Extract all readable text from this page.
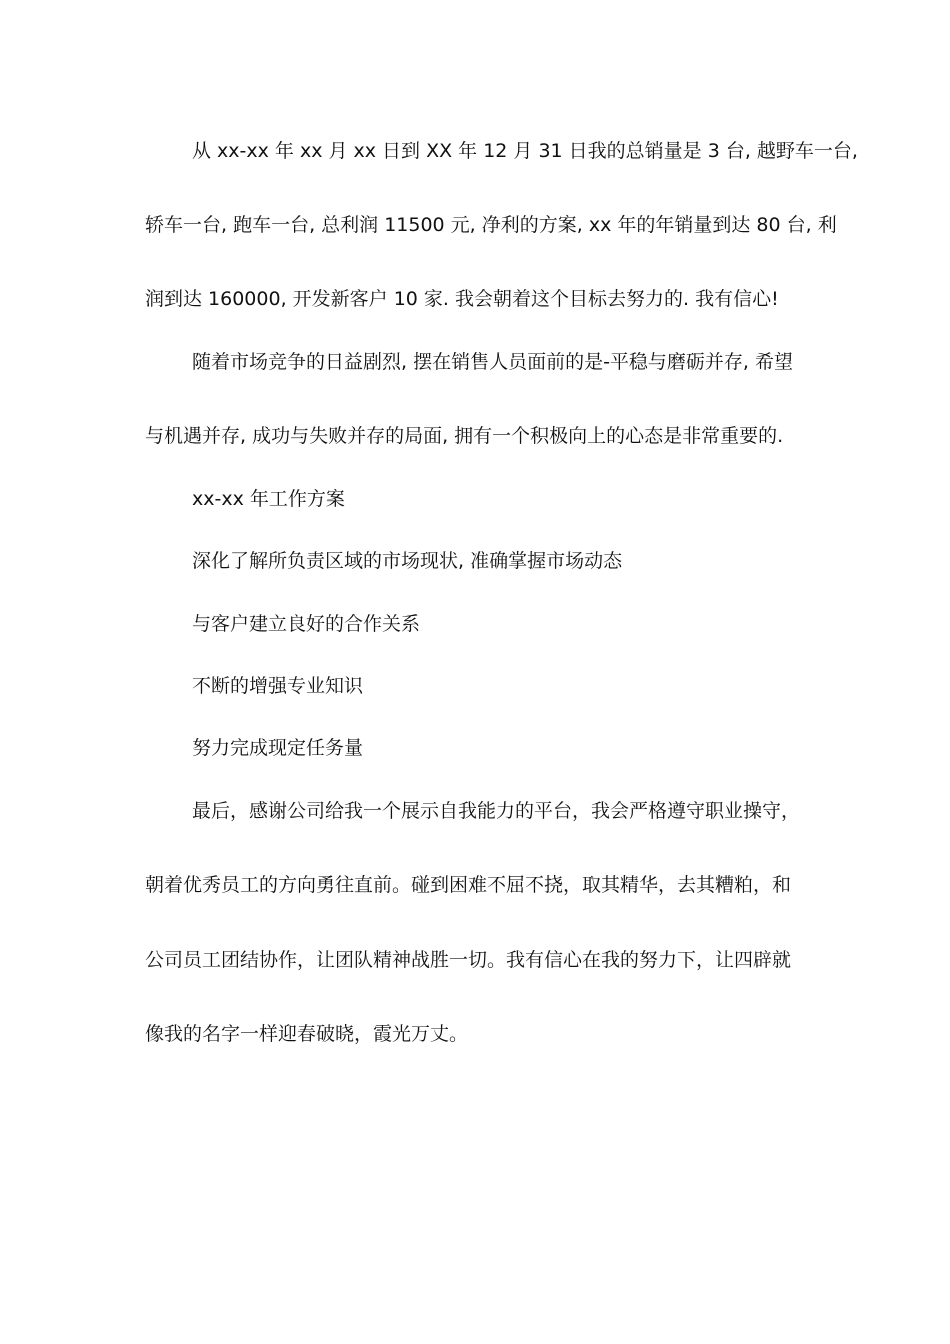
从 xx-xx 年 xx 月 xx 日到 XX 年 12 月 31 日我的总销量是 3 台, 越野车一台,
轿车一台, 跑车一台, 总利润 11500 元, 净利的方案, xx 年的年销量到达 80 台, 利
润到达 160000, 开发新客户 10 家. 我会朝着这个目标去努力的. 我有信心!
随着市场竞争的日益剧烈, 摆在销售人员面前的是-平稳与磨砺并存, 希望
与机遇并存, 成功与失败并存的局面, 拥有一个积极向上的心态是非常重要的.
xx-xx 年工作方案
深化了解所负责区域的市场现状, 准确掌握市场动态
与客户建立良好的合作关系
不断的增强专业知识
努力完成现定任务量
最后，感谢公司给我一个展示自我能力的平台，我会严格遵守职业操守，
朝着优秀员工的方向勇往直前。碰到困难不屈不挠，取其精华，去其糟粕，和
公司员工团结协作，让团队精神战胜一切。我有信心在我的努力下，让四辟就
像我的名字一样迎春破晓，霞光万丈。
